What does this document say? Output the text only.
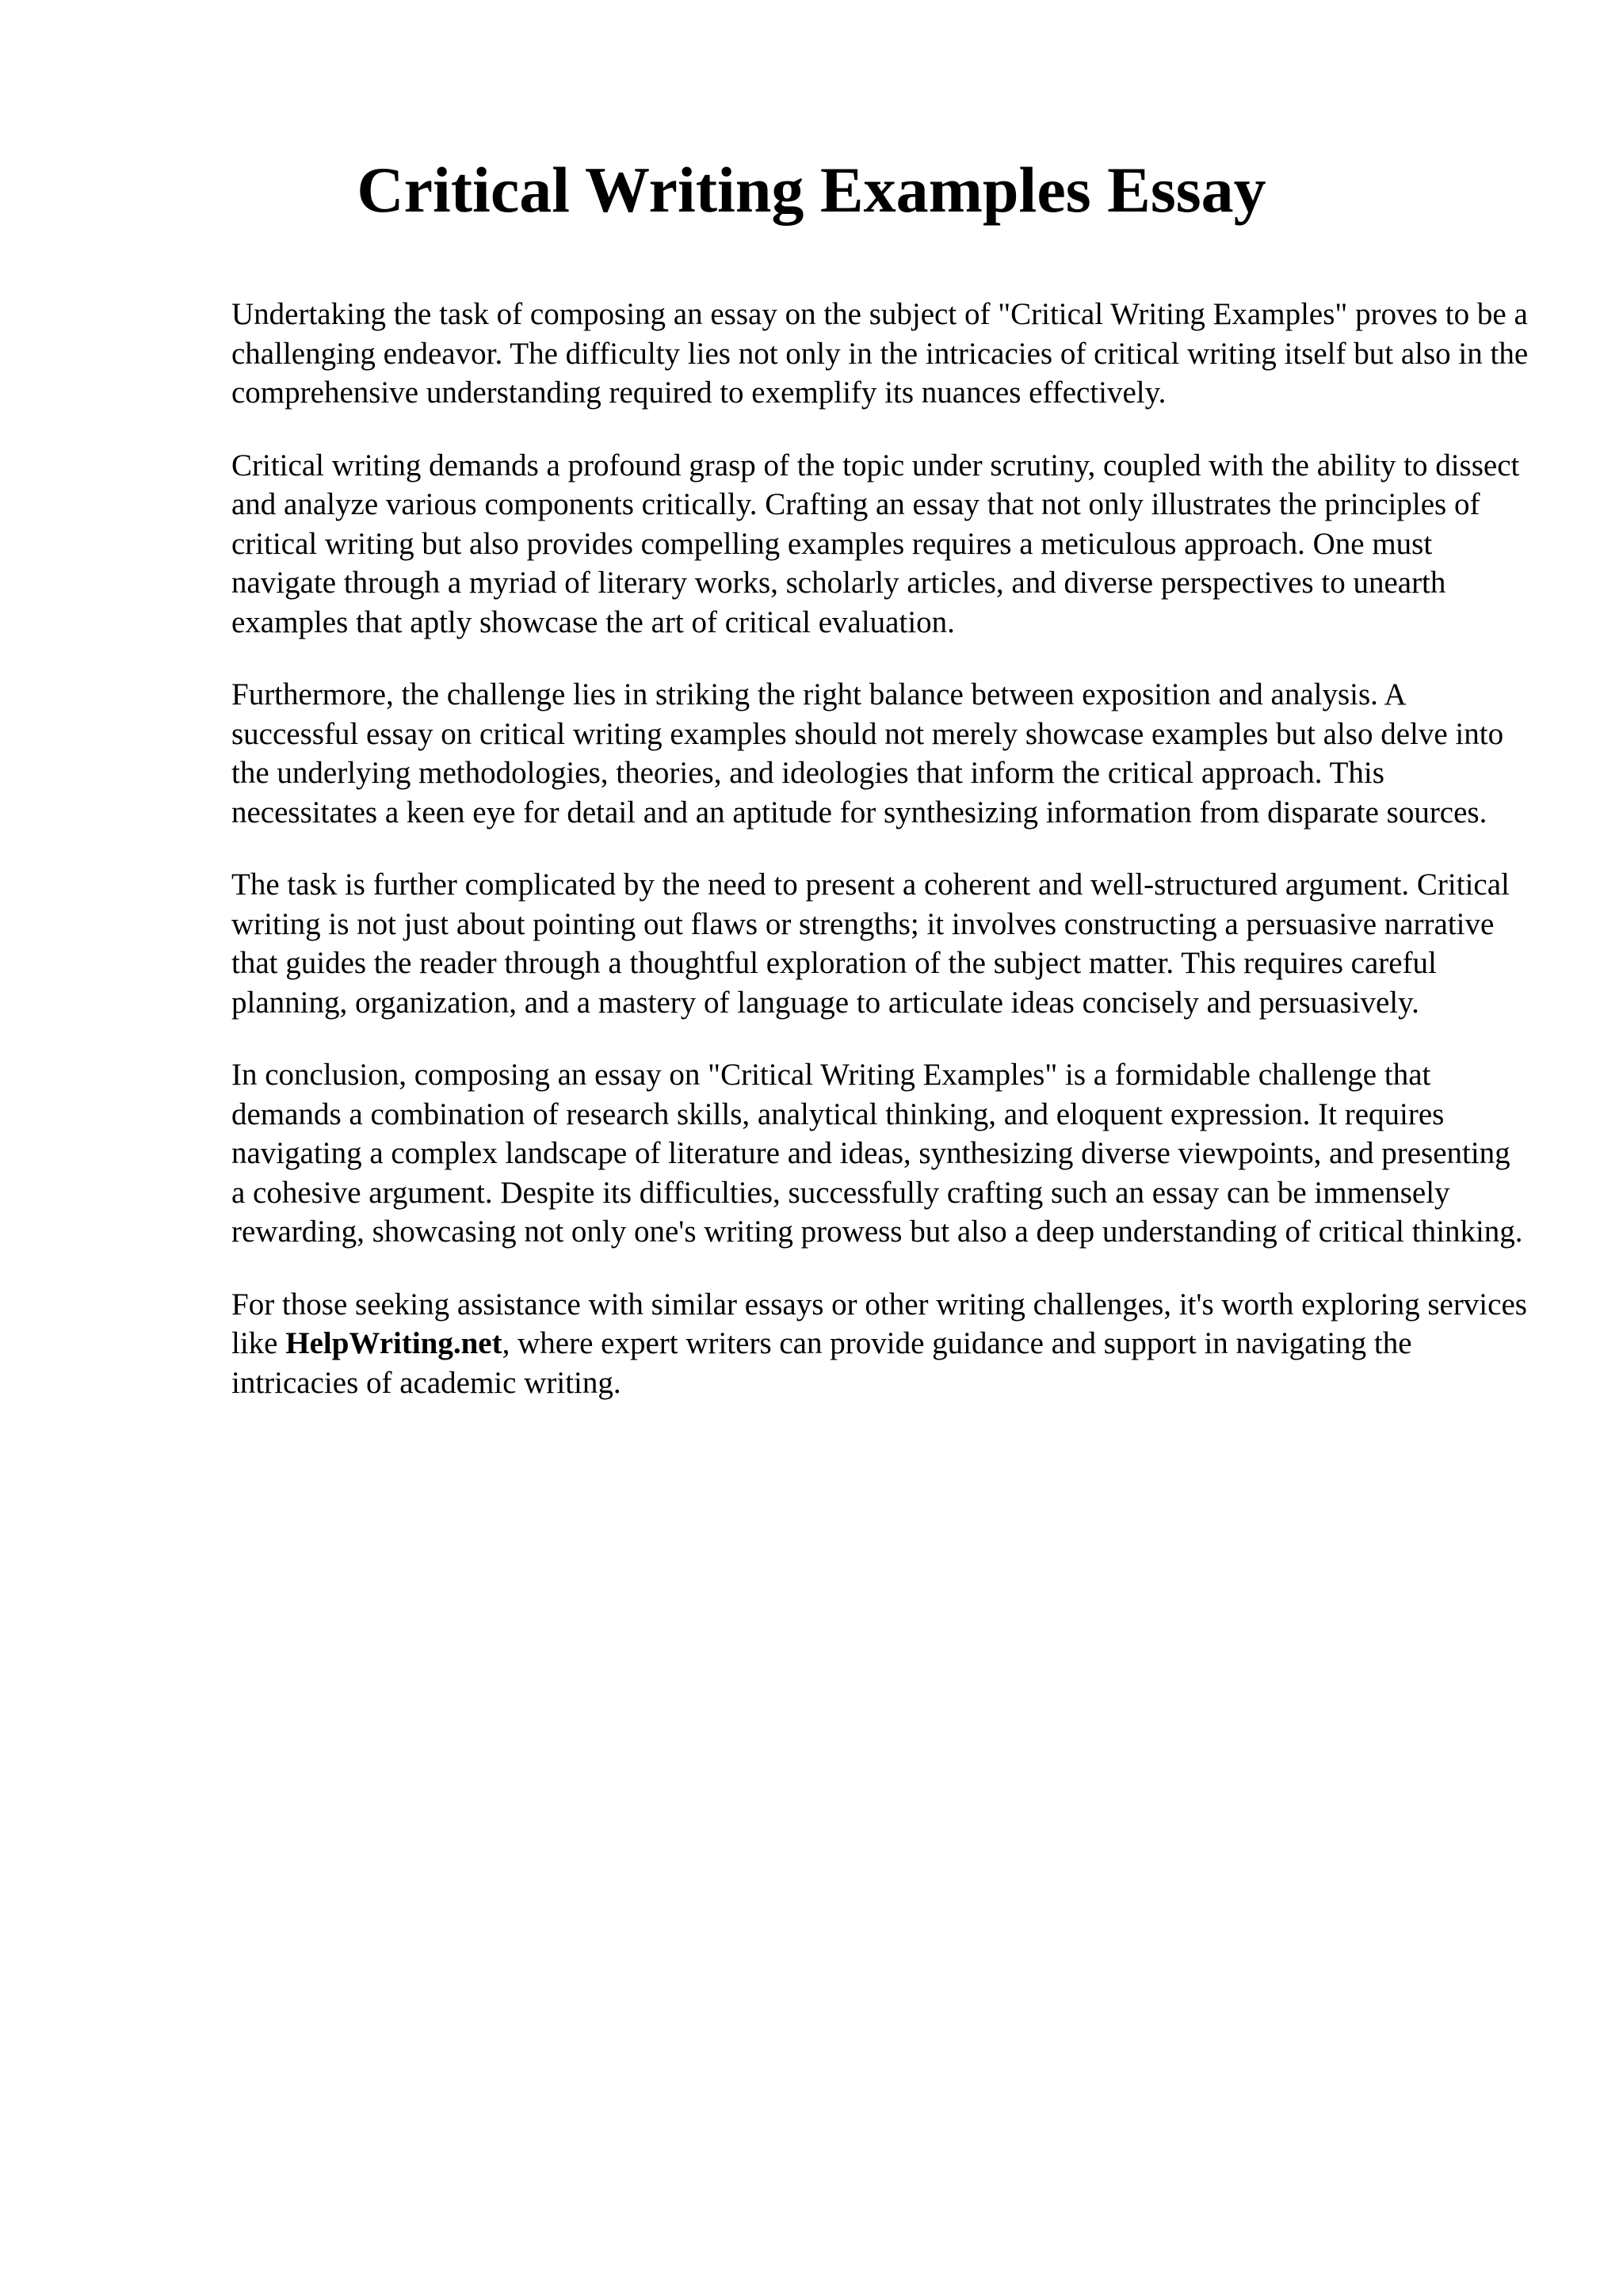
Critical Writing Examples Essay

Undertaking the task of composing an essay on the subject of "Critical Writing Examples" proves to be a challenging endeavor. The difficulty lies not only in the intricacies of critical writing itself but also in the comprehensive understanding required to exemplify its nuances effectively.

Critical writing demands a profound grasp of the topic under scrutiny, coupled with the ability to dissect and analyze various components critically. Crafting an essay that not only illustrates the principles of critical writing but also provides compelling examples requires a meticulous approach. One must navigate through a myriad of literary works, scholarly articles, and diverse perspectives to unearth examples that aptly showcase the art of critical evaluation.

Furthermore, the challenge lies in striking the right balance between exposition and analysis. A successful essay on critical writing examples should not merely showcase examples but also delve into the underlying methodologies, theories, and ideologies that inform the critical approach. This necessitates a keen eye for detail and an aptitude for synthesizing information from disparate sources.

The task is further complicated by the need to present a coherent and well-structured argument. Critical writing is not just about pointing out flaws or strengths; it involves constructing a persuasive narrative that guides the reader through a thoughtful exploration of the subject matter. This requires careful planning, organization, and a mastery of language to articulate ideas concisely and persuasively.

In conclusion, composing an essay on "Critical Writing Examples" is a formidable challenge that demands a combination of research skills, analytical thinking, and eloquent expression. It requires navigating a complex landscape of literature and ideas, synthesizing diverse viewpoints, and presenting a cohesive argument. Despite its difficulties, successfully crafting such an essay can be immensely rewarding, showcasing not only one's writing prowess but also a deep understanding of critical thinking.

For those seeking assistance with similar essays or other writing challenges, it's worth exploring services like HelpWriting.net, where expert writers can provide guidance and support in navigating the intricacies of academic writing.
